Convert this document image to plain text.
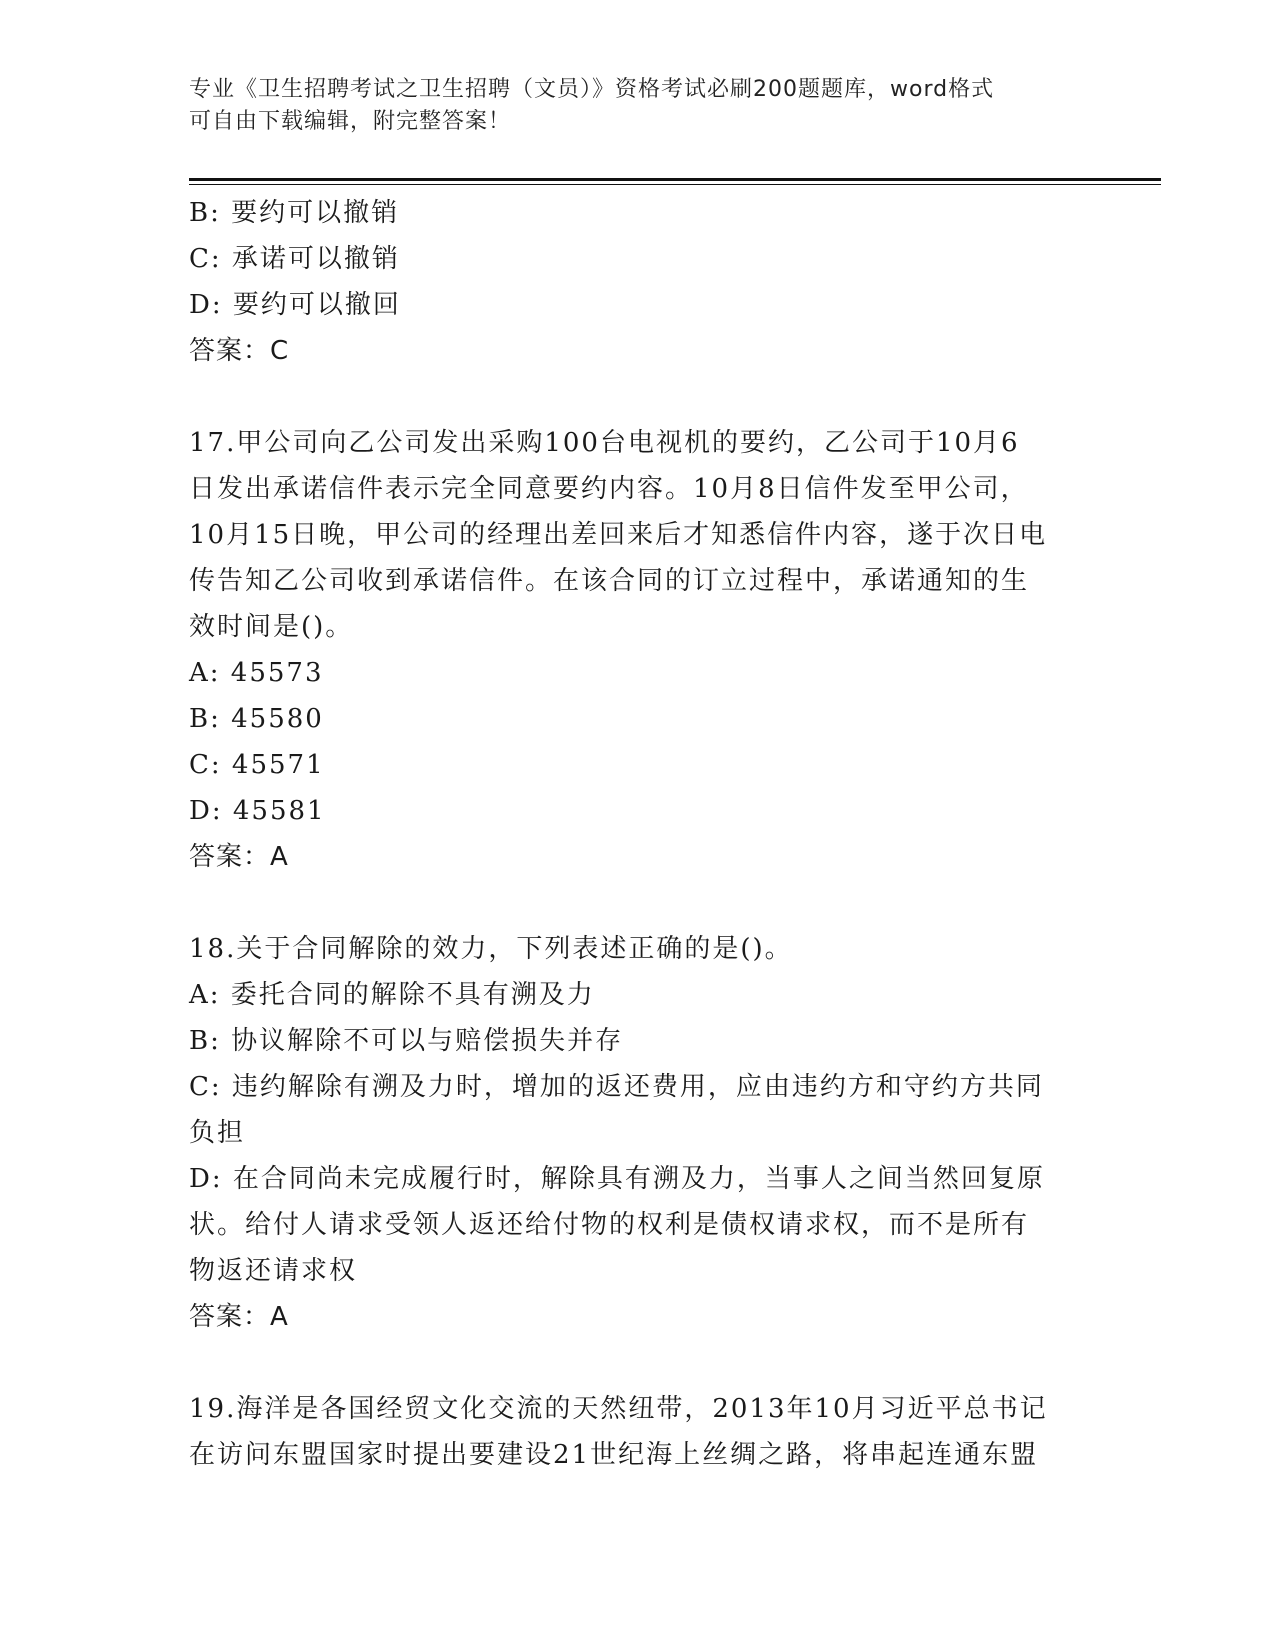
专业《卫生招聘考试之卫生招聘（文员）》资格考试必刷200题题库，word格式
可自由下载编辑，附完整答案！
B: 要约可以撤销
C: 承诺可以撤销
D: 要约可以撤回
答案：C
17.甲公司向乙公司发出采购100台电视机的要约，乙公司于10月6
日发出承诺信件表示完全同意要约内容。10月8日信件发至甲公司，
10月15日晚，甲公司的经理出差回来后才知悉信件内容，遂于次日电
传告知乙公司收到承诺信件。在该合同的订立过程中，承诺通知的生
效时间是()。
A: 45573
B: 45580
C: 45571
D: 45581
答案：A
18.关于合同解除的效力，下列表述正确的是()。
A: 委托合同的解除不具有溯及力
B: 协议解除不可以与赔偿损失并存
C: 违约解除有溯及力时，增加的返还费用，应由违约方和守约方共同
负担
D: 在合同尚未完成履行时，解除具有溯及力，当事人之间当然回复原
状。给付人请求受领人返还给付物的权利是债权请求权，而不是所有
物返还请求权
答案：A
19.海洋是各国经贸文化交流的天然纽带，2013年10月习近平总书记
在访问东盟国家时提出要建设21世纪海上丝绸之路，将串起连通东盟
